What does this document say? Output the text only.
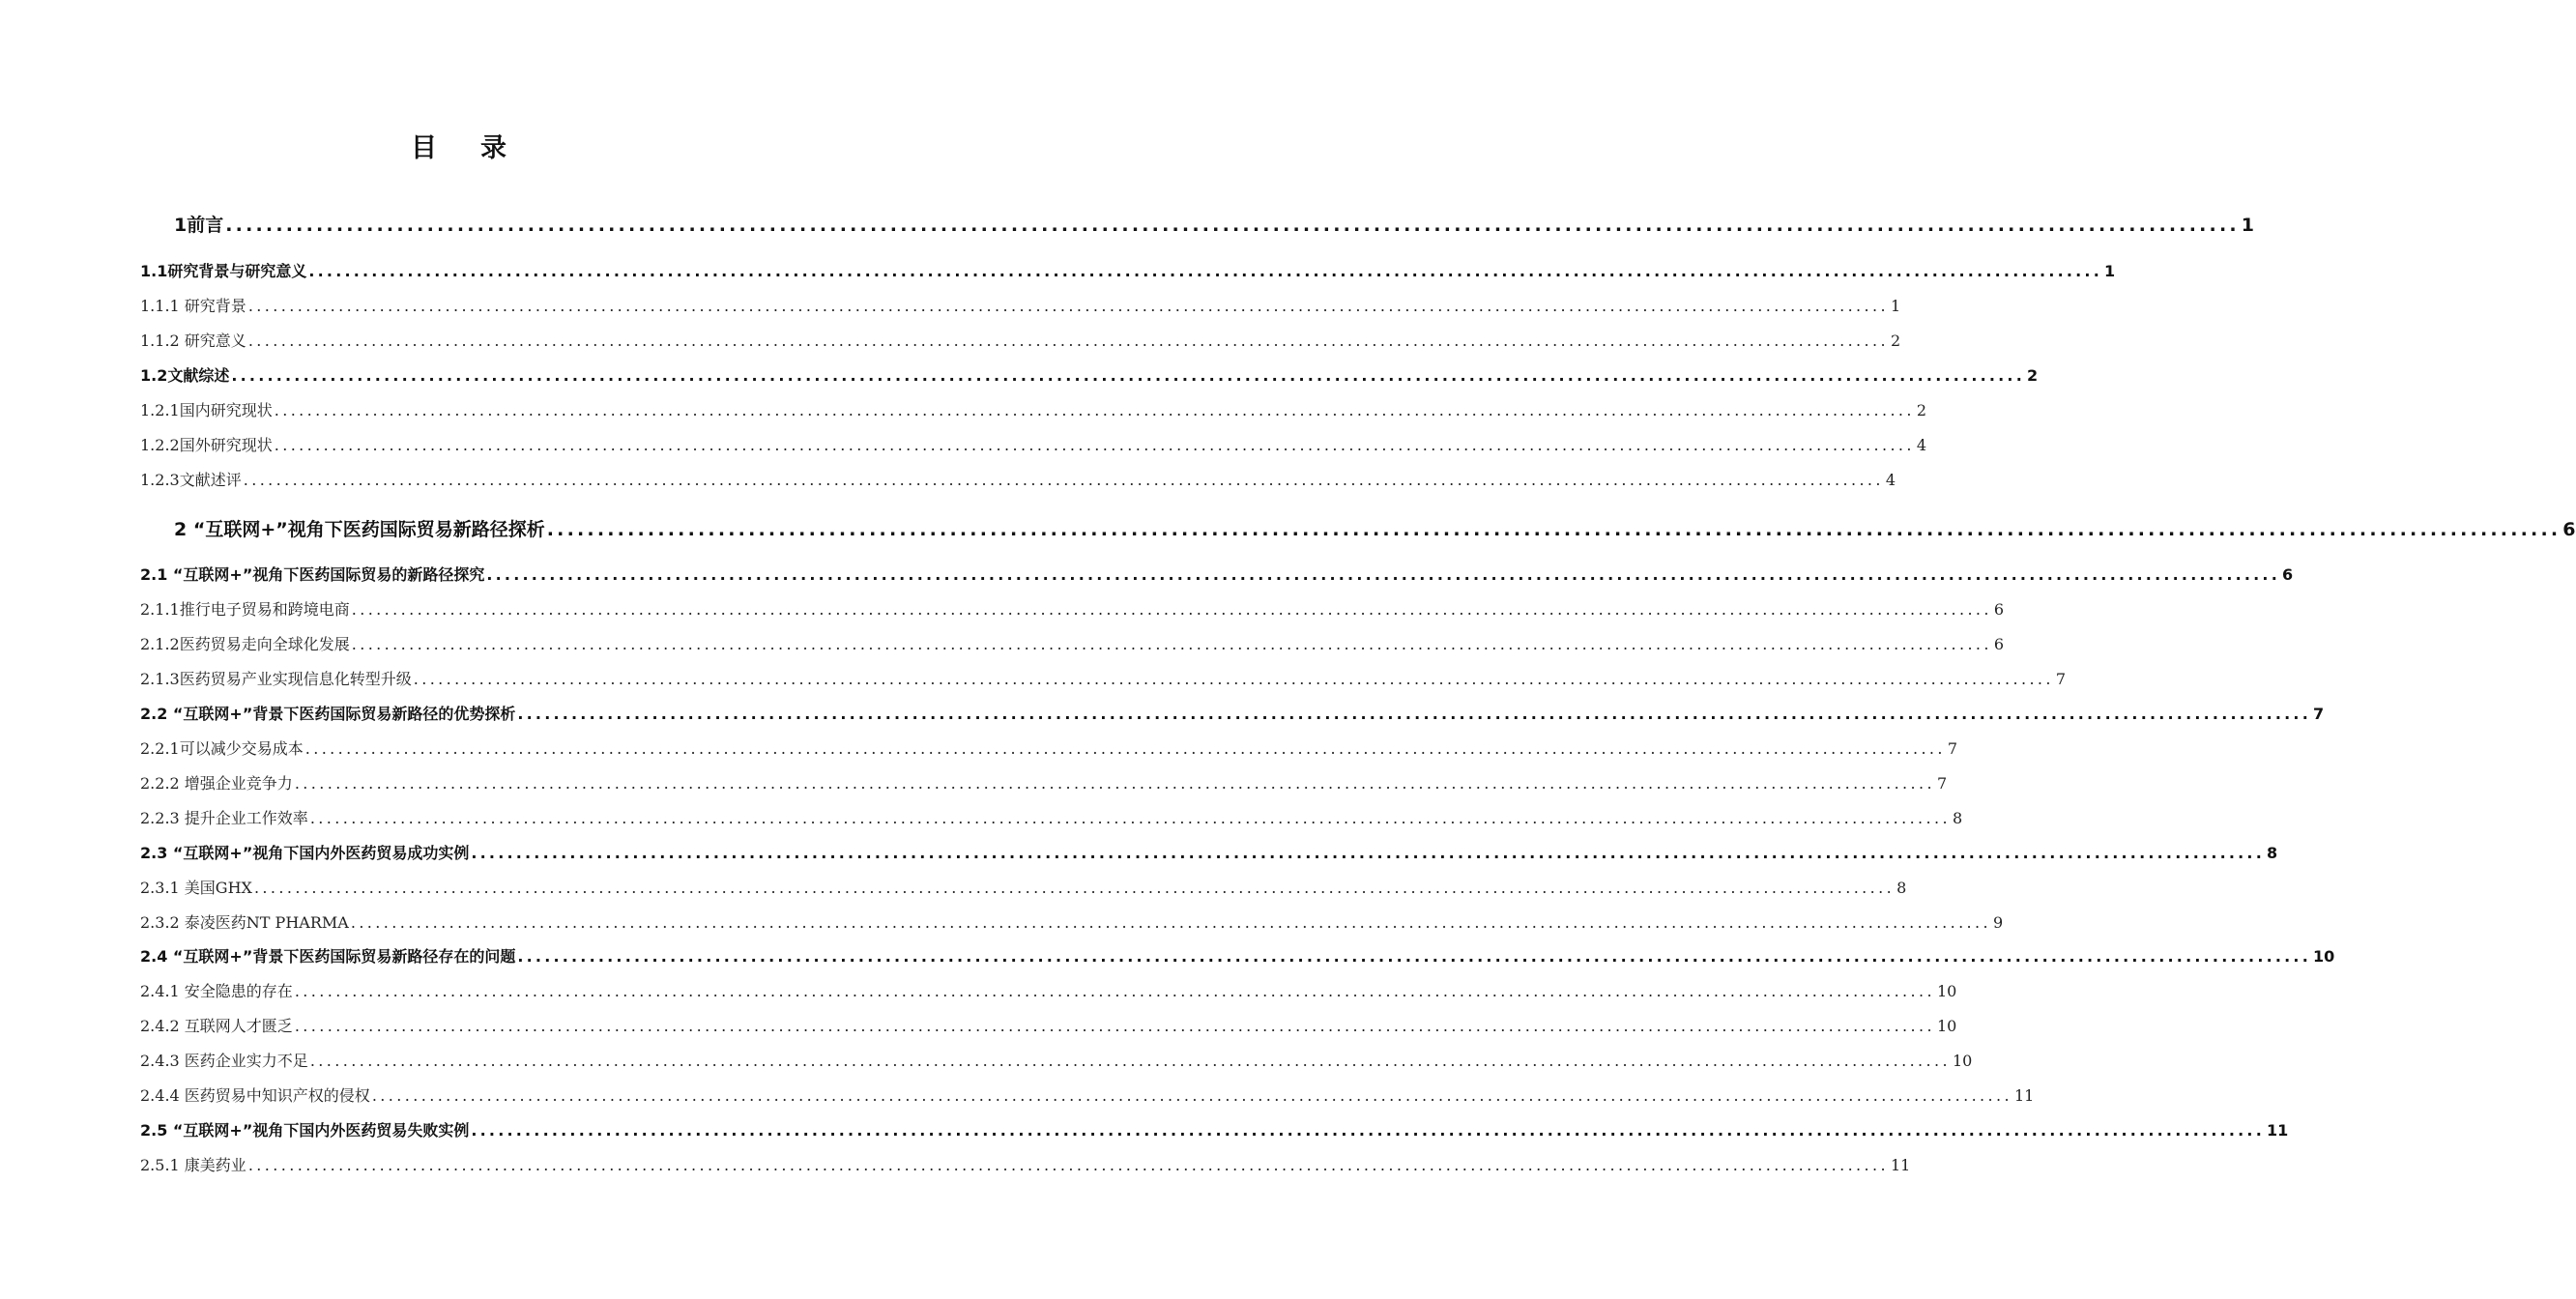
目 录
1前言 ........................................................................................................................................................................................................ 1
1.1研究背景与研究意义 ........................................................................................................................................................................................................ 1
1.1.1 研究背景 ........................................................................................................................................................................................................ 1
1.1.2 研究意义 ........................................................................................................................................................................................................ 2
1.2文献综述 ........................................................................................................................................................................................................ 2
1.2.1国内研究现状 ........................................................................................................................................................................................................ 2
1.2.2国外研究现状 ........................................................................................................................................................................................................ 4
1.2.3文献述评 ........................................................................................................................................................................................................ 4
2 “互联网+”视角下医药国际贸易新路径探析 ........................................................................................................................................................................................................ 6
2.1 “互联网+”视角下医药国际贸易的新路径探究 ........................................................................................................................................................................................................ 6
2.1.1推行电子贸易和跨境电商 ........................................................................................................................................................................................................ 6
2.1.2医药贸易走向全球化发展 ........................................................................................................................................................................................................ 6
2.1.3医药贸易产业实现信息化转型升级 ........................................................................................................................................................................................................ 7
2.2 “互联网+”背景下医药国际贸易新路径的优势探析 ........................................................................................................................................................................................................ 7
2.2.1可以减少交易成本 ........................................................................................................................................................................................................ 7
2.2.2 增强企业竞争力 ........................................................................................................................................................................................................ 7
2.2.3 提升企业工作效率 ........................................................................................................................................................................................................ 8
2.3 “互联网+”视角下国内外医药贸易成功实例 ........................................................................................................................................................................................................ 8
2.3.1 美国GHX ........................................................................................................................................................................................................ 8
2.3.2 泰凌医药NT PHARMA ........................................................................................................................................................................................................ 9
2.4 “互联网+”背景下医药国际贸易新路径存在的问题 ........................................................................................................................................................................................................ 10
2.4.1 安全隐患的存在 ........................................................................................................................................................................................................ 10
2.4.2 互联网人才匮乏 ........................................................................................................................................................................................................ 10
2.4.3 医药企业实力不足 ........................................................................................................................................................................................................ 10
2.4.4 医药贸易中知识产权的侵权 ........................................................................................................................................................................................................ 11
2.5 “互联网+”视角下国内外医药贸易失败实例 ........................................................................................................................................................................................................ 11
2.5.1 康美药业 ........................................................................................................................................................................................................ 11
